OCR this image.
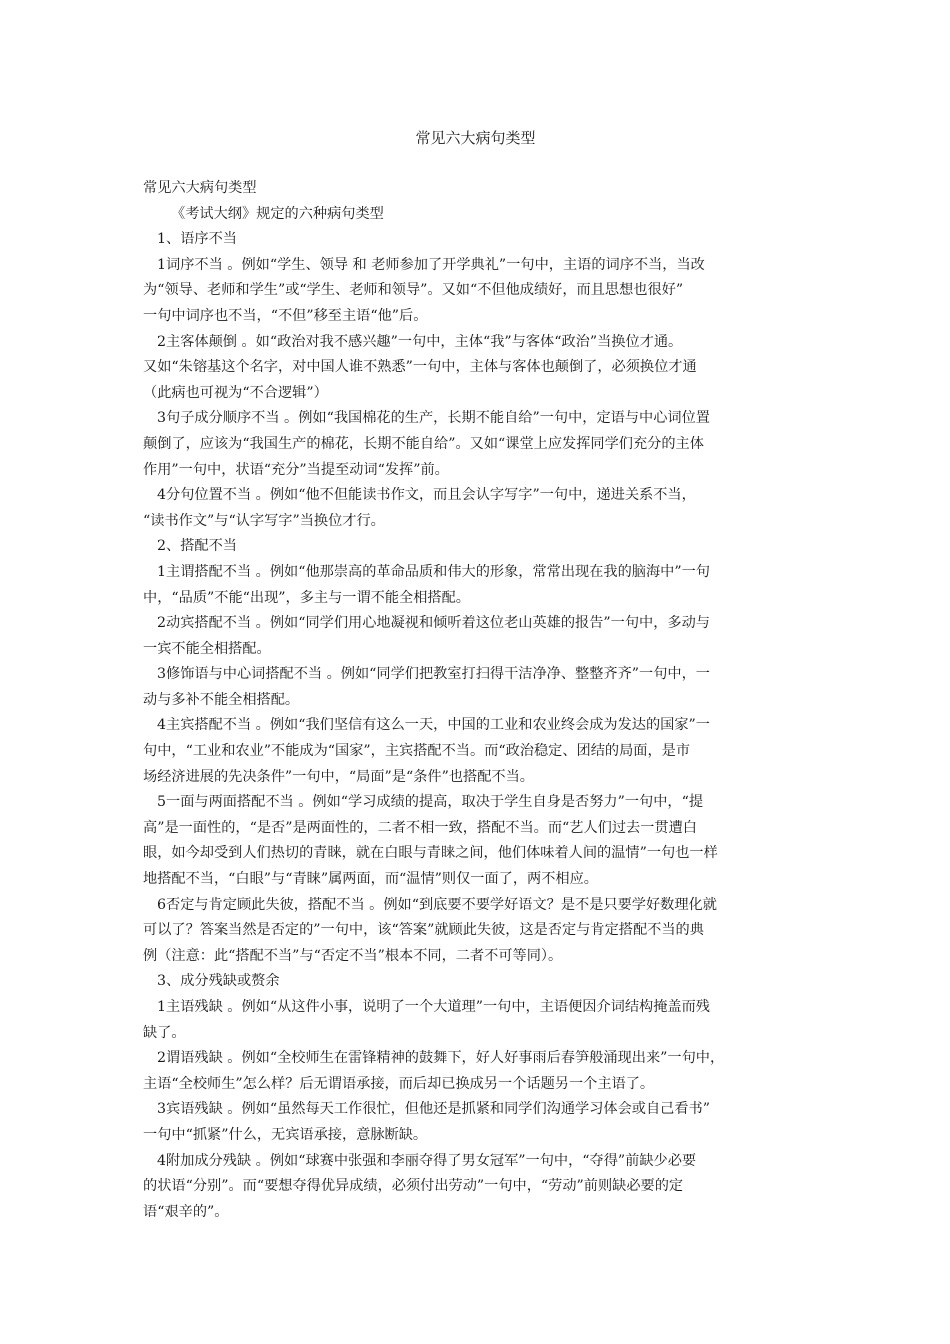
常见六大病句类型
常见六大病句类型
《考试大纲》规定的六种病句类型
1、语序不当
1词序不当 。例如“学生、领导 和 老师参加了开学典礼”一句中，主语的词序不当，当改
为“领导、老师和学生”或“学生、老师和领导”。又如“不但他成绩好，而且思想也很好”
一句中词序也不当，“不但”移至主语“他”后。
2主客体颠倒 。如“政治对我不感兴趣”一句中，主体“我”与客体“政治”当换位才通。
又如“朱镕基这个名字，对中国人谁不熟悉”一句中，主体与客体也颠倒了，必须换位才通
（此病也可视为“不合逻辑”）
3句子成分顺序不当 。例如“我国棉花的生产，长期不能自给”一句中，定语与中心词位置
颠倒了，应该为“我国生产的棉花，长期不能自给”。又如“课堂上应发挥同学们充分的主体
作用”一句中，状语“充分”当提至动词“发挥”前。
4分句位置不当 。例如“他不但能读书作文，而且会认字写字”一句中，递进关系不当，
“读书作文”与“认字写字”当换位才行。
2、搭配不当
1主谓搭配不当 。例如“他那崇高的革命品质和伟大的形象，常常出现在我的脑海中”一句
中，“品质”不能“出现”，多主与一谓不能全相搭配。
2动宾搭配不当 。例如“同学们用心地凝视和倾听着这位老山英雄的报告”一句中，多动与
一宾不能全相搭配。
3修饰语与中心词搭配不当 。例如“同学们把教室打扫得干洁净净、整整齐齐”一句中，一
动与多补不能全相搭配。
4主宾搭配不当 。例如“我们坚信有这么一天，中国的工业和农业终会成为发达的国家”一
句中，“工业和农业”不能成为“国家”，主宾搭配不当。而“政治稳定、团结的局面，是市
场经济进展的先决条件”一句中，“局面”是“条件”也搭配不当。
5一面与两面搭配不当 。例如“学习成绩的提高，取决于学生自身是否努力”一句中，“提
高”是一面性的，“是否”是两面性的，二者不相一致，搭配不当。而“艺人们过去一贯遭白
眼，如今却受到人们热切的青睐，就在白眼与青睐之间，他们体味着人间的温情”一句也一样
地搭配不当，“白眼”与“青睐”属两面，而“温情”则仅一面了，两不相应。
6否定与肯定顾此失彼，搭配不当 。例如“到底要不要学好语文？是不是只要学好数理化就
可以了？答案当然是否定的”一句中，该“答案”就顾此失彼，这是否定与肯定搭配不当的典
例（注意：此“搭配不当”与“否定不当”根本不同，二者不可等同）。
3、成分残缺或赘余
1主语残缺 。例如“从这件小事，说明了一个大道理”一句中，主语便因介词结构掩盖而残
缺了。
2谓语残缺 。例如“全校师生在雷锋精神的鼓舞下，好人好事雨后春笋般涌现出来”一句中，
主语“全校师生”怎么样？后无谓语承接，而后却已换成另一个话题另一个主语了。
3宾语残缺 。例如“虽然每天工作很忙，但他还是抓紧和同学们沟通学习体会或自己看书”
一句中“抓紧”什么，无宾语承接，意脉断缺。
4附加成分残缺 。例如“球赛中张强和李丽夺得了男女冠军”一句中，“夺得”前缺少必要
的状语“分别”。而“要想夺得优异成绩，必须付出劳动”一句中，“劳动”前则缺必要的定
语“艰辛的”。
